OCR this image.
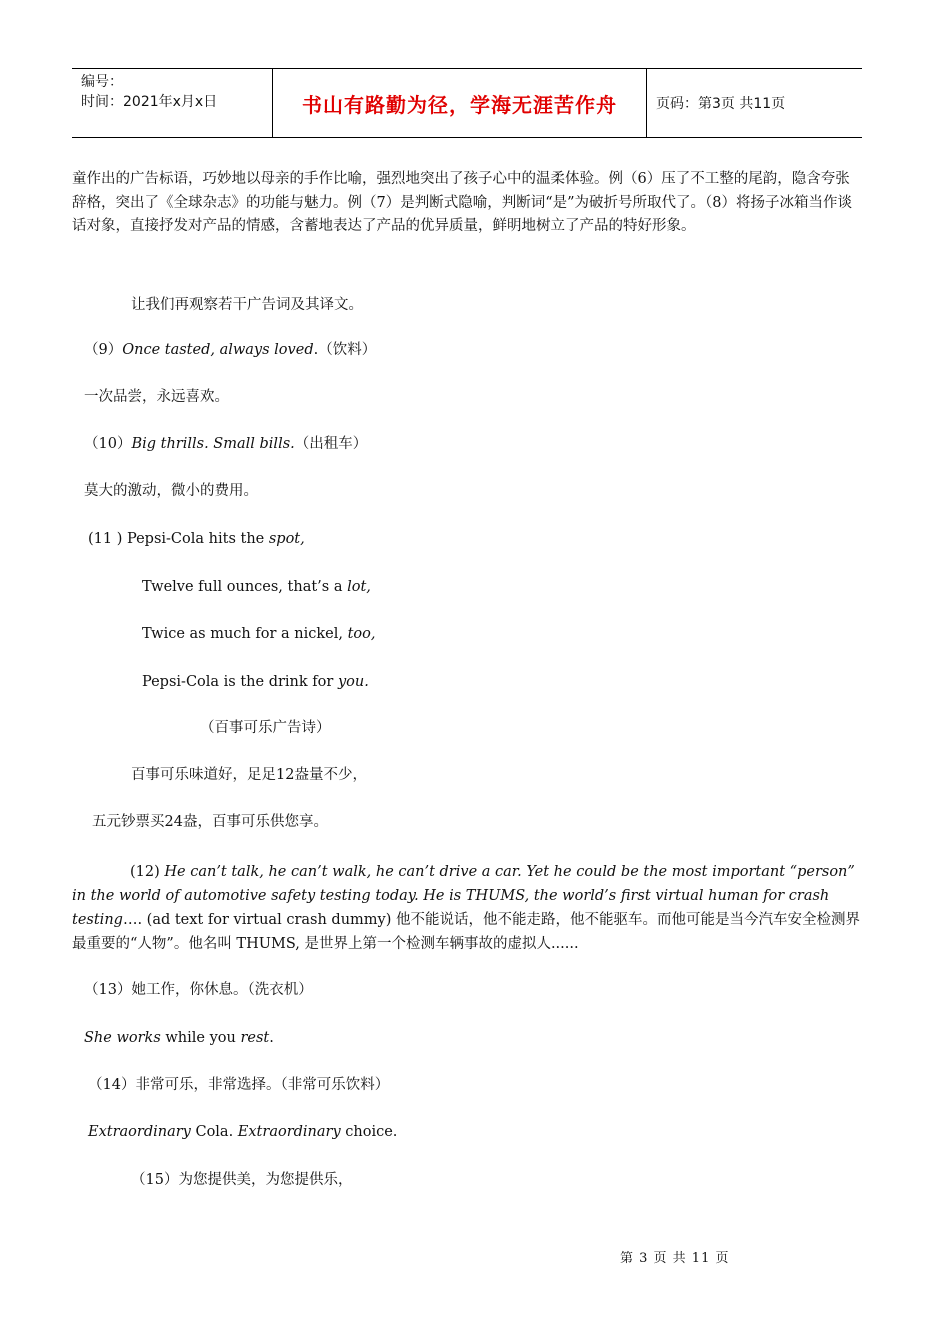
编号：
时间：2021年x月x日	书山有路勤为径，学海无涯苦作舟	页码：第3页 共11页

童作出的广告标语，巧妙地以母亲的手作比喻，强烈地突出了孩子心中的温柔体验。例（6）压了不工整的尾韵，隐含夸张辞格，突出了《全球杂志》的功能与魅力。例（7）是判断式隐喻，判断词“是”为破折号所取代了。（8）将扬子冰箱当作谈话对象，直接抒发对产品的情感，含蓄地表达了产品的优异质量，鲜明地树立了产品的特好形象。

让我们再观察若干广告词及其译文。
（9）Once tasted, always loved.（饮料）
一次品尝，永远喜欢。
（10）Big thrills. Small bills.（出租车）
莫大的激动，微小的费用。
(11 ) Pepsi-Cola hits the spot,
Twelve full ounces, that’s a lot,
Twice as much for a nickel, too,
Pepsi-Cola is the drink for you.
（百事可乐广告诗）
百事可乐味道好，足足12盎量不少，
五元钞票买24盎，百事可乐供您享。
(12) He can’t talk, he can’t walk, he can’t drive a car. Yet he could be the most important “person” in the world of automotive safety testing today. He is THUMS, the world’s first virtual human for crash testing…. (ad text for virtual crash dummy) 他不能说话，他不能走路，他不能驱车。而他可能是当今汽车安全检测界最重要的“人物”。他名叫 THUMS, 是世界上第一个检测车辆事故的虚拟人......
（13）她工作，你休息。（洗衣机）
She works while you rest.
（14）非常可乐，非常选择。（非常可乐饮料）
Extraordinary Cola. Extraordinary choice.
（15）为您提供美，为您提供乐，
第 3 页 共 11 页
